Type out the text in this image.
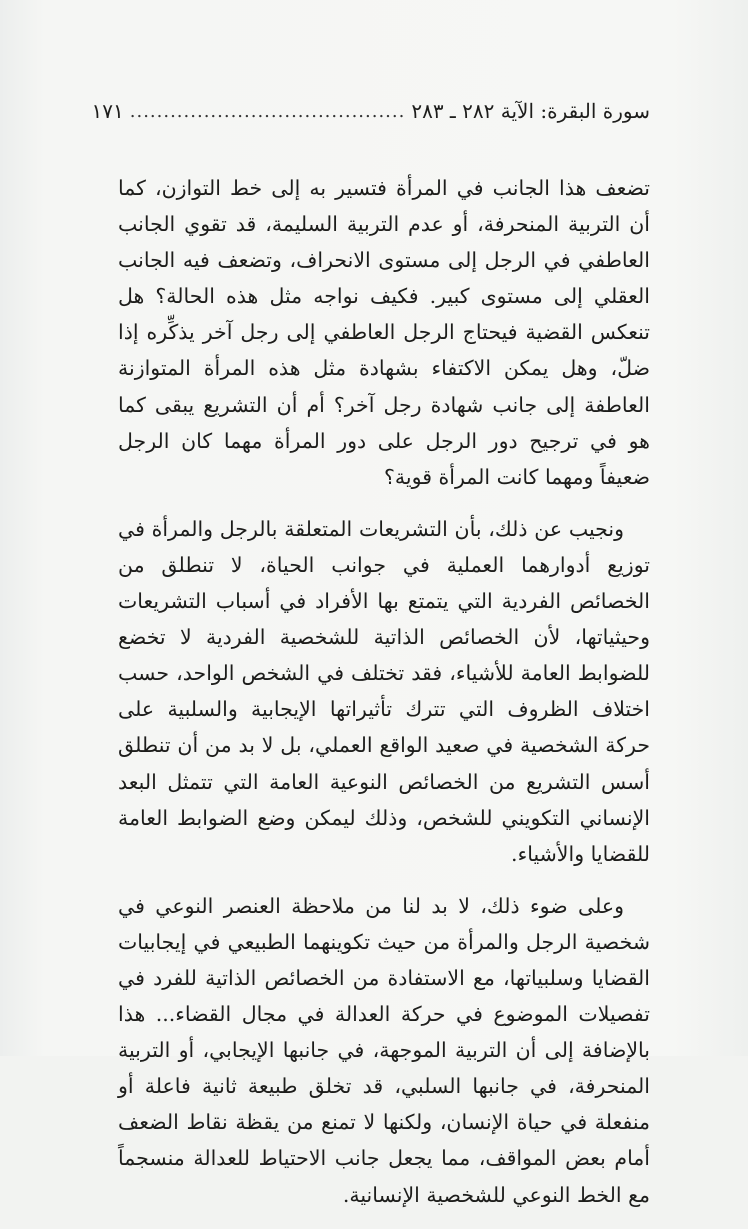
سورة البقرة: الآية ٢٨٢ ـ ٢٨٣
.........................................
١٧١

تضعف هذا الجانب في المرأة فتسير به إلى خط التوازن، كما أن التربية المنحرفة، أو عدم التربية السليمة، قد تقوي الجانب العاطفي في الرجل إلى مستوى الانحراف، وتضعف فيه الجانب العقلي إلى مستوى كبير. فكيف نواجه مثل هذه الحالة؟ هل تنعكس القضية فيحتاج الرجل العاطفي إلى رجل آخر يذكِّره إذا ضلّ، وهل يمكن الاكتفاء بشهادة مثل هذه المرأة المتوازنة العاطفة إلى جانب شهادة رجل آخر؟ أم أن التشريع يبقى كما هو في ترجيح دور الرجل على دور المرأة مهما كان الرجل ضعيفاً ومهما كانت المرأة قوية؟

ونجيب عن ذلك، بأن التشريعات المتعلقة بالرجل والمرأة في توزيع أدوارهما العملية في جوانب الحياة، لا تنطلق من الخصائص الفردية التي يتمتع بها الأفراد في أسباب التشريعات وحيثياتها، لأن الخصائص الذاتية للشخصية الفردية لا تخضع للضوابط العامة للأشياء، فقد تختلف في الشخص الواحد، حسب اختلاف الظروف التي تترك تأثيراتها الإيجابية والسلبية على حركة الشخصية في صعيد الواقع العملي، بل لا بد من أن تنطلق أسس التشريع من الخصائص النوعية العامة التي تتمثل البعد الإنساني التكويني للشخص، وذلك ليمكن وضع الضوابط العامة للقضايا والأشياء.

وعلى ضوء ذلك، لا بد لنا من ملاحظة العنصر النوعي في شخصية الرجل والمرأة من حيث تكوينهما الطبيعي في إيجابيات القضايا وسلبياتها، مع الاستفادة من الخصائص الذاتية للفرد في تفصيلات الموضوع في حركة العدالة في مجال القضاء... هذا بالإضافة إلى أن التربية الموجهة، في جانبها الإيجابي، أو التربية المنحرفة، في جانبها السلبي، قد تخلق طبيعة ثانية فاعلة أو منفعلة في حياة الإنسان، ولكنها لا تمنع من يقظة نقاط الضعف أمام بعض المواقف، مما يجعل جانب الاحتياط للعدالة منسجماً مع الخط النوعي للشخصية الإنسانية.
